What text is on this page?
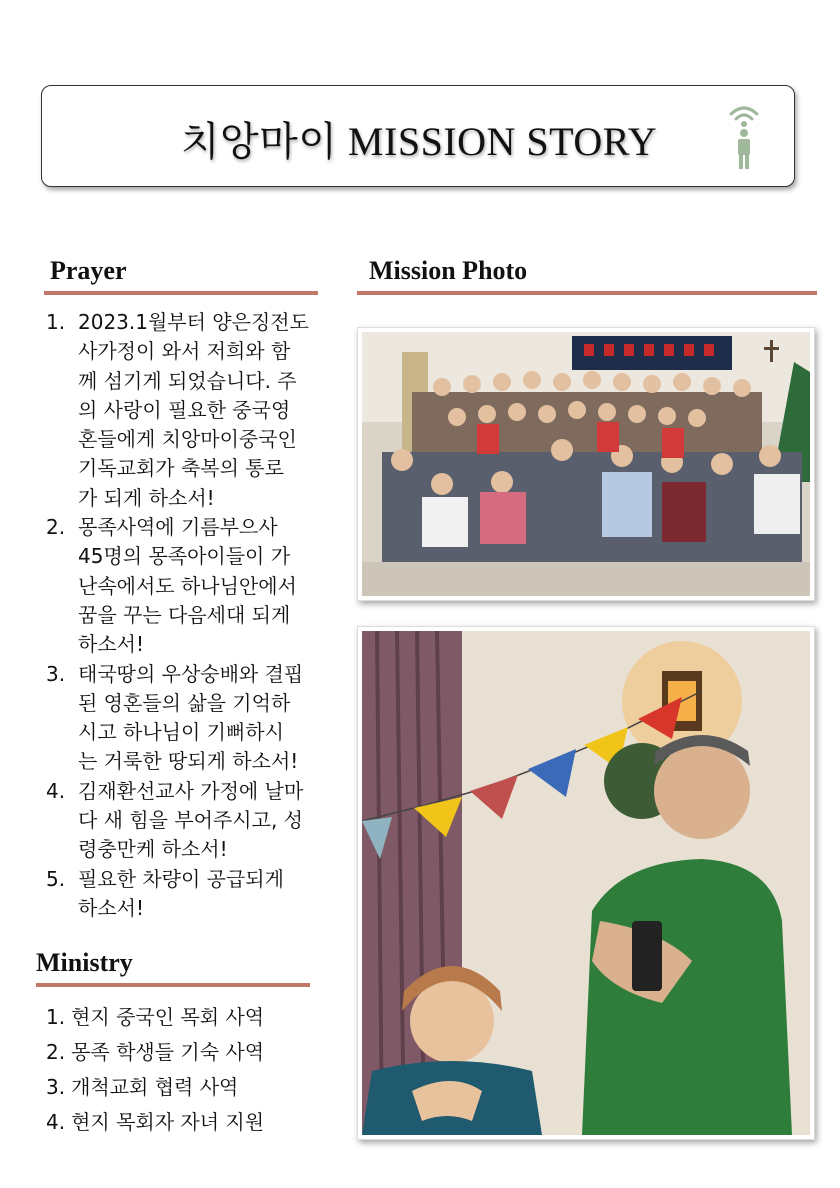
치앙마이 MISSION STORY
Prayer
1. 2023.1월부터 양은징전도
사가정이 와서 저희와 함
께 섬기게 되었습니다. 주
의 사랑이 필요한 중국영
혼들에게 치앙마이중국인
기독교회가 축복의 통로
가 되게 하소서!
2. 몽족사역에 기름부으사
45명의 몽족아이들이 가
난속에서도 하나님안에서
꿈을 꾸는 다음세대 되게
하소서!
3. 태국땅의 우상숭배와 결핍
된 영혼들의 삶을 기억하
시고 하나님이 기뻐하시
는 거룩한 땅되게 하소서!
4. 김재환선교사 가정에 날마
다 새 힘을 부어주시고, 성
령충만케 하소서!
5. 필요한 차량이 공급되게
하소서!
Ministry
1. 현지 중국인 목회 사역
2. 몽족 학생들 기숙 사역
3. 개척교회 협력 사역
4. 현지 목회자 자녀 지원
Mission Photo
